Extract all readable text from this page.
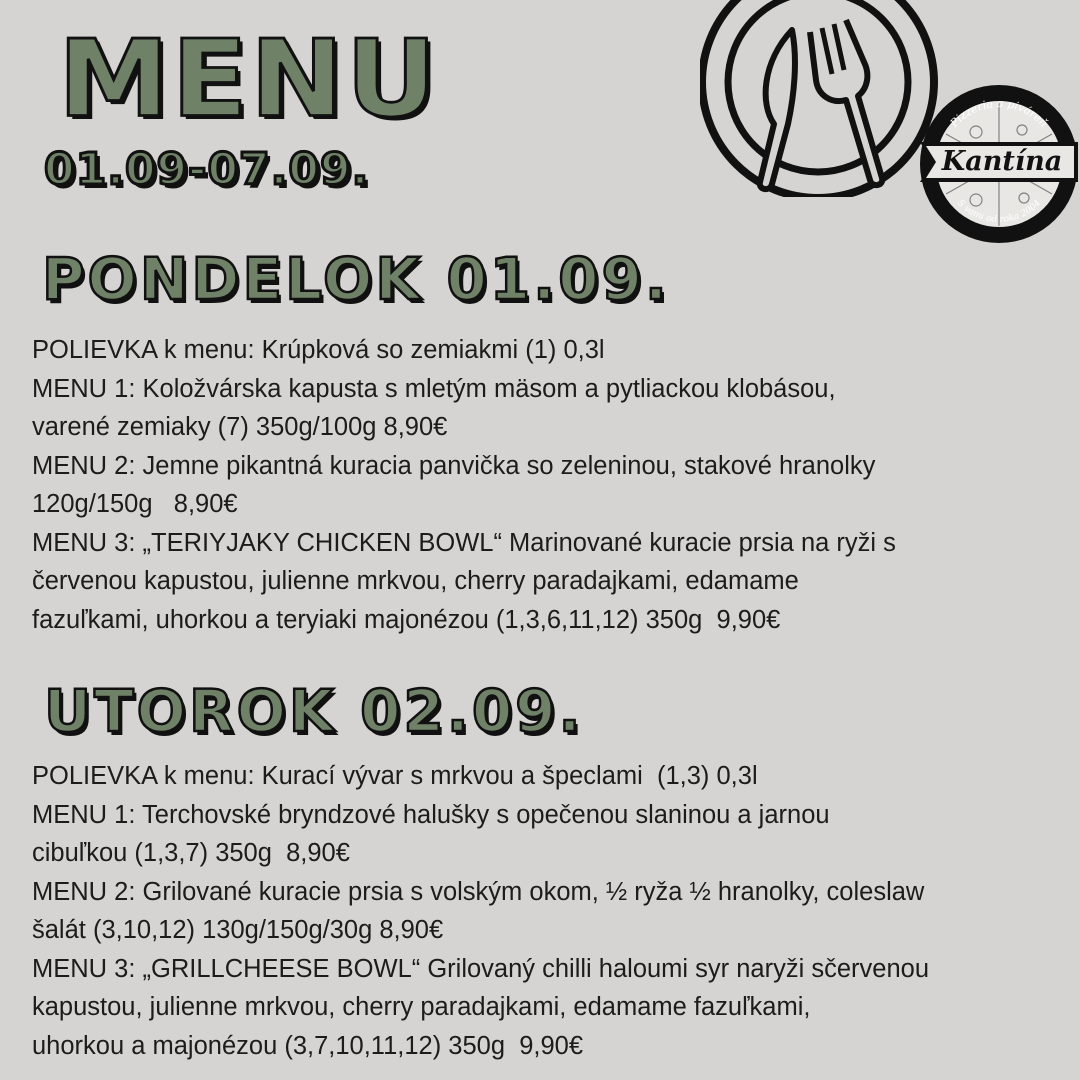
MENU
01.09-07.09.	Kantína
Pizzeria a piváreň
S vami od roka 2004
PONDELOK 01.09.
POLIEVKA k menu: Krúpková so zemiakmi (1) 0,3l
MENU 1: Koložvárska kapusta s mletým mäsom a pytliackou klobásou,
varené zemiaky (7) 350g/100g 8,90€
MENU 2: Jemne pikantná kuracia panvička so zeleninou, stakové hranolky
120g/150g   8,90€
MENU 3: „TERIYJAKY CHICKEN BOWL“ Marinované kuracie prsia na ryži s
červenou kapustou, julienne mrkvou, cherry paradajkami, edamame
fazuľkami, uhorkou a teryiaki majonézou (1,3,6,11,12) 350g  9,90€
UTOROK 02.09.
POLIEVKA k menu: Kurací vývar s mrkvou a špeclami  (1,3) 0,3l
MENU 1: Terchovské bryndzové halušky s opečenou slaninou a jarnou
cibuľkou (1,3,7) 350g  8,90€
MENU 2: Grilované kuracie prsia s volským okom, ½ ryža ½ hranolky, coleslaw
šalát (3,10,12) 130g/150g/30g 8,90€
MENU 3: „GRILLCHEESE BOWL“ Grilovaný chilli haloumi syr naryži sčervenou
kapustou, julienne mrkvou, cherry paradajkami, edamame fazuľkami,
uhorkou a majonézou (3,7,10,11,12) 350g  9,90€
